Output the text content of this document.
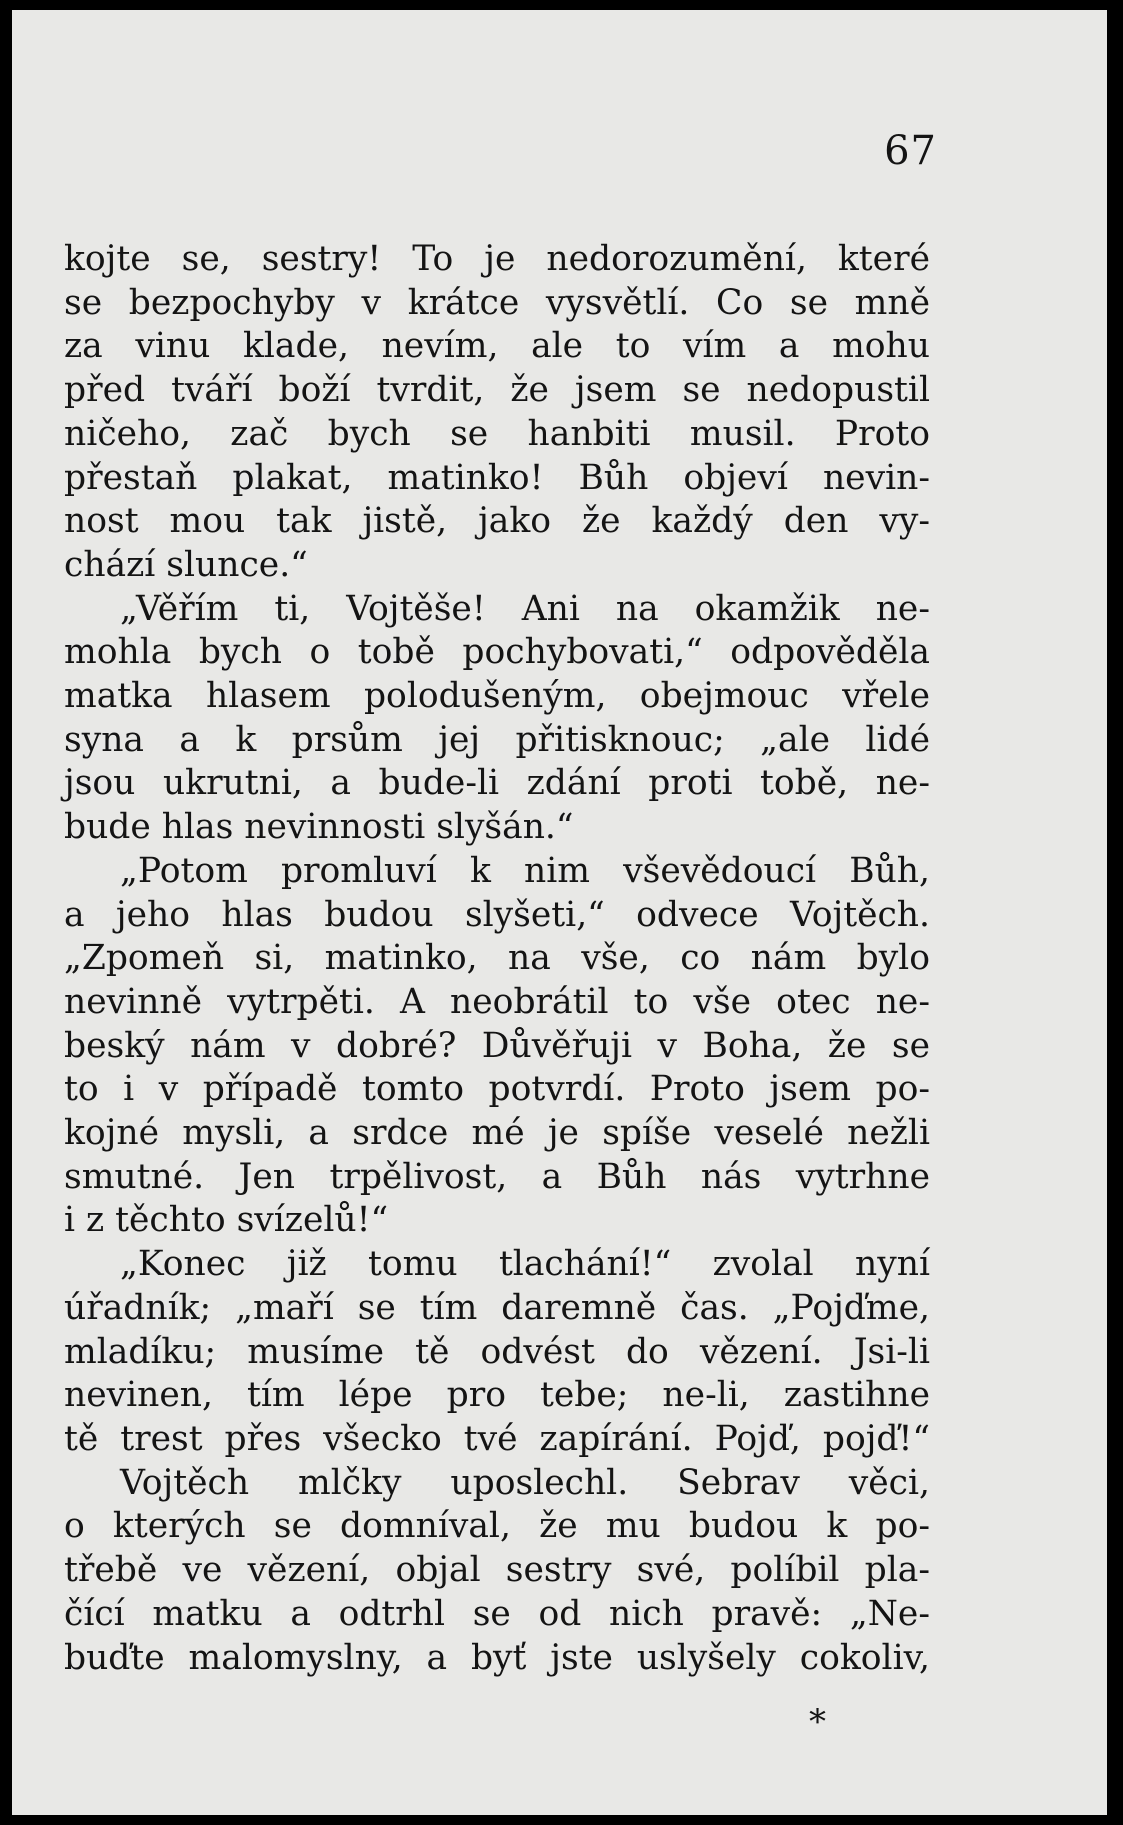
67
kojte se, sestry! To je nedorozumění, které
se bezpochyby v krátce vysvětlí. Co se mně
za vinu klade, nevím, ale to vím a mohu
před tváří boží tvrdit, že jsem se nedopustil
ničeho, zač bych se hanbiti musil. Proto
přestaň plakat, matinko! Bůh objeví nevin-
nost mou tak jistě, jako že každý den vy-
chází slunce.“
„Věřím ti, Vojtěše! Ani na okamžik ne-
mohla bych o tobě pochybovati,“ odpověděla
matka hlasem polodušeným, obejmouc vřele
syna a k prsům jej přitisknouc; „ale lidé
jsou ukrutni, a bude-li zdání proti tobě, ne-
bude hlas nevinnosti slyšán.“
„Potom promluví k nim vševědoucí Bůh,
a jeho hlas budou slyšeti,“ odvece Vojtěch.
„Zpomeň si, matinko, na vše, co nám bylo
nevinně vytrpěti. A neobrátil to vše otec ne-
beský nám v dobré? Důvěřuji v Boha, že se
to i v případě tomto potvrdí. Proto jsem po-
kojné mysli, a srdce mé je spíše veselé nežli
smutné. Jen trpělivost, a Bůh nás vytrhne
i z těchto svízelů!“
„Konec již tomu tlachání!“ zvolal nyní
úřadník; „maří se tím daremně čas. „Pojďme,
mladíku; musíme tě odvést do vězení. Jsi-li
nevinen, tím lépe pro tebe; ne-li, zastihne
tě trest přes všecko tvé zapírání. Pojď, pojď!“
Vojtěch mlčky uposlechl. Sebrav věci,
o kterých se domníval, že mu budou k po-
třebě ve vězení, objal sestry své, políbil pla-
čící matku a odtrhl se od nich pravě: „Ne-
buďte malomyslny, a byť jste uslyšely cokoliv,
*
